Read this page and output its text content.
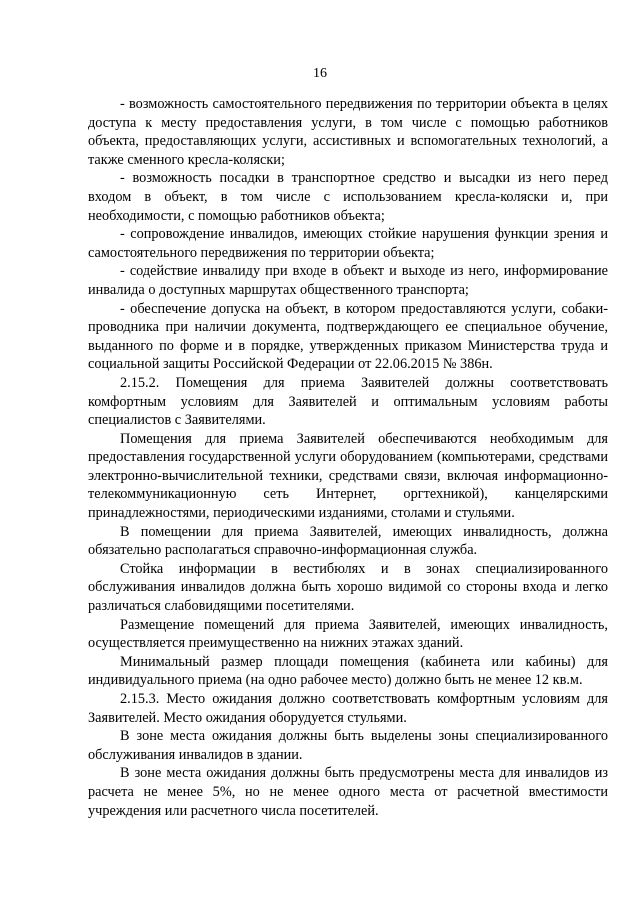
16

- возможность самостоятельного передвижения по территории объекта в целях доступа к месту предоставления услуги, в том числе с помощью работников объекта, предоставляющих услуги, ассистивных и вспомогательных технологий, а также сменного кресла-коляски;

- возможность посадки в транспортное средство и высадки из него перед входом в объект, в том числе с использованием кресла-коляски и, при необходимости, с помощью работников объекта;

- сопровождение инвалидов, имеющих стойкие нарушения функции зрения и самостоятельного передвижения по территории объекта;

- содействие инвалиду при входе в объект и выходе из него, информирование инвалида о доступных маршрутах общественного транспорта;

- обеспечение допуска на объект, в котором предоставляются услуги, собаки-проводника при наличии документа, подтверждающего ее специальное обучение, выданного по форме и в порядке, утвержденных приказом Министерства труда и социальной защиты Российской Федерации от 22.06.2015 № 386н.

2.15.2. Помещения для приема Заявителей должны соответствовать комфортным условиям для Заявителей и оптимальным условиям работы специалистов с Заявителями.

Помещения для приема Заявителей обеспечиваются необходимым для предоставления государственной услуги оборудованием (компьютерами, средствами электронно-вычислительной техники, средствами связи, включая информационно-телекоммуникационную сеть Интернет, оргтехникой), канцелярскими принадлежностями, периодическими изданиями, столами и стульями.

В помещении для приема Заявителей, имеющих инвалидность, должна обязательно располагаться справочно-информационная служба.

Стойка информации в вестибюлях и в зонах специализированного обслуживания инвалидов должна быть хорошо видимой со стороны входа и легко различаться слабовидящими посетителями.

Размещение помещений для приема Заявителей, имеющих инвалидность, осуществляется преимущественно на нижних этажах зданий.

Минимальный размер площади помещения (кабинета или кабины) для индивидуального приема (на одно рабочее место) должно быть не менее 12 кв.м.

2.15.3. Место ожидания должно соответствовать комфортным условиям для Заявителей. Место ожидания оборудуется стульями.

В зоне места ожидания должны быть выделены зоны специализированного обслуживания инвалидов в здании.

В зоне места ожидания должны быть предусмотрены места для инвалидов из расчета не менее 5%, но не менее одного места от расчетной вместимости учреждения или расчетного числа посетителей.
